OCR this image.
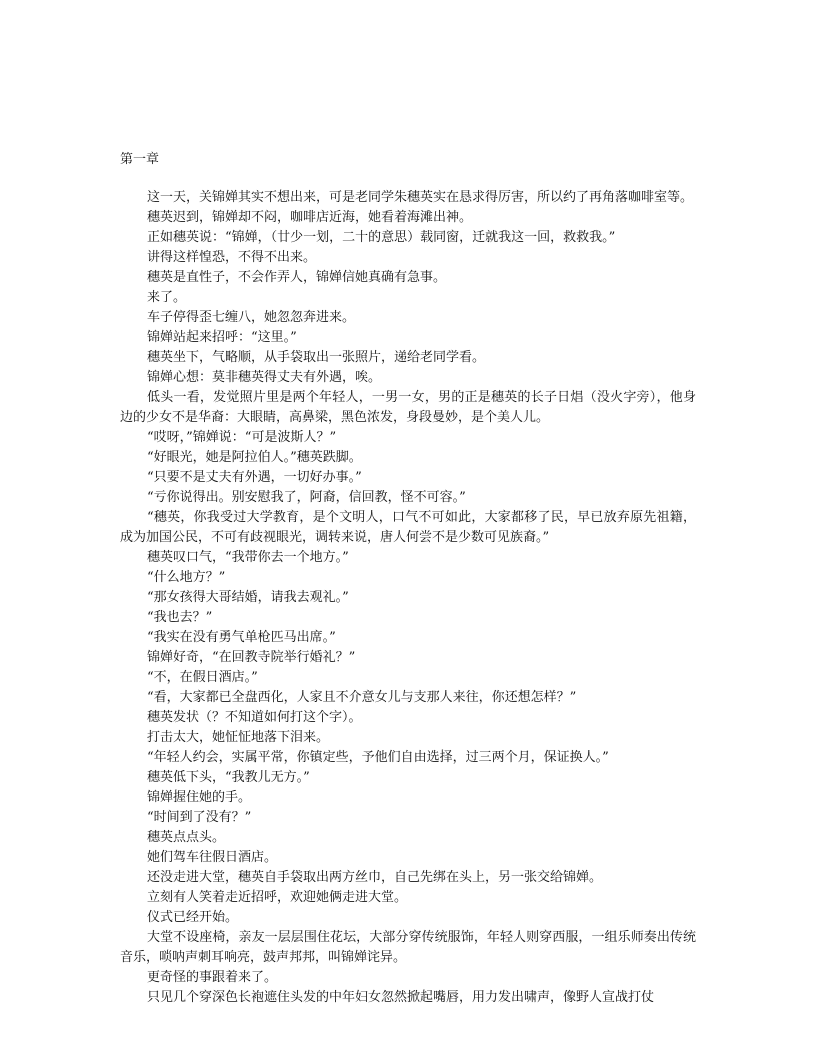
第一章

这一天，关锦婵其实不想出来，可是老同学朱穗英实在恳求得厉害，所以约了再角落咖啡室等。

穗英迟到，锦婵却不闷，咖啡店近海，她看着海滩出神。

正如穗英说：“锦婵，（廿少一划，二十的意思）载同窗，迁就我这一回，救救我。”

讲得这样惶恐，不得不出来。

穗英是直性子，不会作弄人，锦婵信她真确有急事。

来了。

车子停得歪七缠八，她忽忽奔进来。

锦婵站起来招呼：“这里。”

穗英坐下，气略顺，从手袋取出一张照片，递给老同学看。

锦婵心想：莫非穗英得丈夫有外遇，唉。

低头一看，发觉照片里是两个年轻人，一男一女，男的正是穗英的长子日焻（没火字旁），他身边的少女不是华裔：大眼睛，高鼻梁，黑色浓发，身段曼妙，是个美人儿。

“哎呀，”锦婵说：“可是波斯人？”

“好眼光，她是阿拉伯人。”穗英跌脚。

“只要不是丈夫有外遇，一切好办事。”

“亏你说得出。别安慰我了，阿裔，信回教，怪不可容。”

“穗英，你我受过大学教育，是个文明人，口气不可如此，大家都移了民，早已放弃原先祖籍，成为加国公民，不可有歧视眼光，调转来说，唐人何尝不是少数可见族裔。”

穗英叹口气，“我带你去一个地方。”

“什么地方？”

“那女孩得大哥结婚，请我去观礼。”

“我也去？”

“我实在没有勇气单枪匹马出席。”

锦婵好奇，“在回教寺院举行婚礼？”

“不，在假日酒店。”

“看，大家都已全盘西化，人家且不介意女儿与支那人来往，你还想怎样？”

穗英发状（？不知道如何打这个字）。

打击太大，她怔怔地落下泪来。

“年轻人约会，实属平常，你镇定些，予他们自由选择，过三两个月，保证换人。”

穗英低下头，“我教儿无方。”

锦婵握住她的手。

“时间到了没有？”

穗英点点头。

她们驾车往假日酒店。

还没走进大堂，穗英自手袋取出两方丝巾，自己先绑在头上，另一张交给锦婵。

立刻有人笑着走近招呼，欢迎她俩走进大堂。

仪式已经开始。

大堂不设座椅，亲友一层层围住花坛，大部分穿传统服饰，年轻人则穿西服，一组乐师奏出传统音乐，唢呐声刺耳响亮，鼓声邦邦，叫锦婵诧异。

更奇怪的事跟着来了。

只见几个穿深色长袍遮住头发的中年妇女忽然掀起嘴唇，用力发出啸声，像野人宣战打仗
